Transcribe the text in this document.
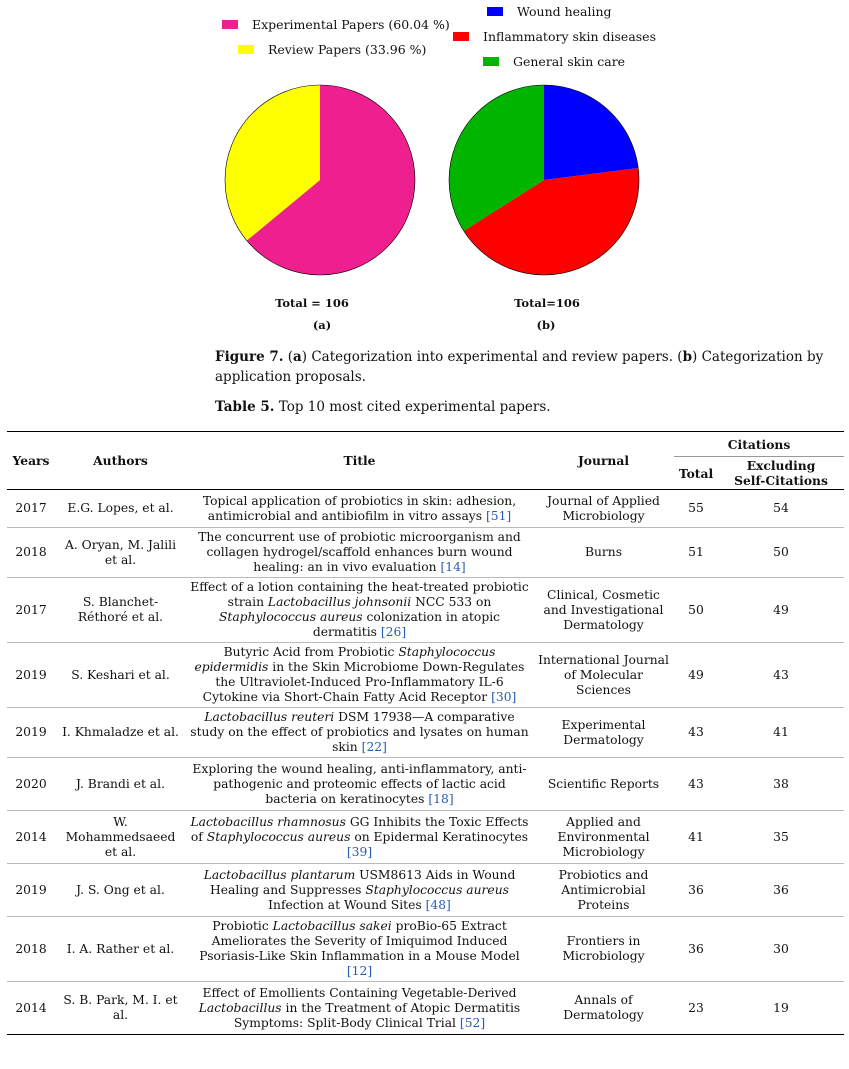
Experimental Papers (60.04 %)
Review Papers (33.96 %)
Wound healing
Inflammatory skin diseases
General skin care
Total = 106	Total=106
(a)	(b)
Figure 7. (a) Categorization into experimental and review papers. (b) Categorization by application proposals.
Table 5. Top 10 most cited experimental papers.
Years	Authors	Title	Journal	Citations	
				Total	Excluding
Self-Citations
2017	E.G. Lopes, et al.	Topical application of probiotics in skin: adhesion, antimicrobial and antibiofilm in vitro assays [51]	Journal of Applied Microbiology	55	54
2018	A. Oryan, M. Jalili et al.	The concurrent use of probiotic microorganism and collagen hydrogel/scaffold enhances burn wound healing: an in vivo evaluation [14]	Burns	51	50
2017	S. Blanchet-Réthoré et al.	Effect of a lotion containing the heat-treated probiotic strain Lactobacillus johnsonii NCC 533 on Staphylococcus aureus colonization in atopic dermatitis [26]	Clinical, Cosmetic and Investigational Dermatology	50	49
2019	S. Keshari et al.	Butyric Acid from Probiotic Staphylococcus epidermidis in the Skin Microbiome Down-Regulates the Ultraviolet-Induced Pro-Inflammatory IL-6 Cytokine via Short-Chain Fatty Acid Receptor [30]	International Journal of Molecular Sciences	49	43
2019	I. Khmaladze et al.	Lactobacillus reuteri DSM 17938—A comparative study on the effect of probiotics and lysates on human skin [22]	Experimental Dermatology	43	41
2020	J. Brandi et al.	Exploring the wound healing, anti-inflammatory, anti-pathogenic and proteomic effects of lactic acid bacteria on keratinocytes [18]	Scientific Reports	43	38
2014	W. Mohammedsaeed et al.	Lactobacillus rhamnosus GG Inhibits the Toxic Effects of Staphylococcus aureus on Epidermal Keratinocytes [39]	Applied and Environmental Microbiology	41	35
2019	J. S. Ong et al.	Lactobacillus plantarum USM8613 Aids in Wound Healing and Suppresses Staphylococcus aureus Infection at Wound Sites [48]	Probiotics and Antimicrobial Proteins	36	36
2018	I. A. Rather et al.	Probiotic Lactobacillus sakei proBio-65 Extract Ameliorates the Severity of Imiquimod Induced Psoriasis-Like Skin Inflammation in a Mouse Model [12]	Frontiers in Microbiology	36	30
2014	S. B. Park, M. I. et al.	Effect of Emollients Containing Vegetable-Derived Lactobacillus in the Treatment of Atopic Dermatitis Symptoms: Split-Body Clinical Trial [52]	Annals of Dermatology	23	19
